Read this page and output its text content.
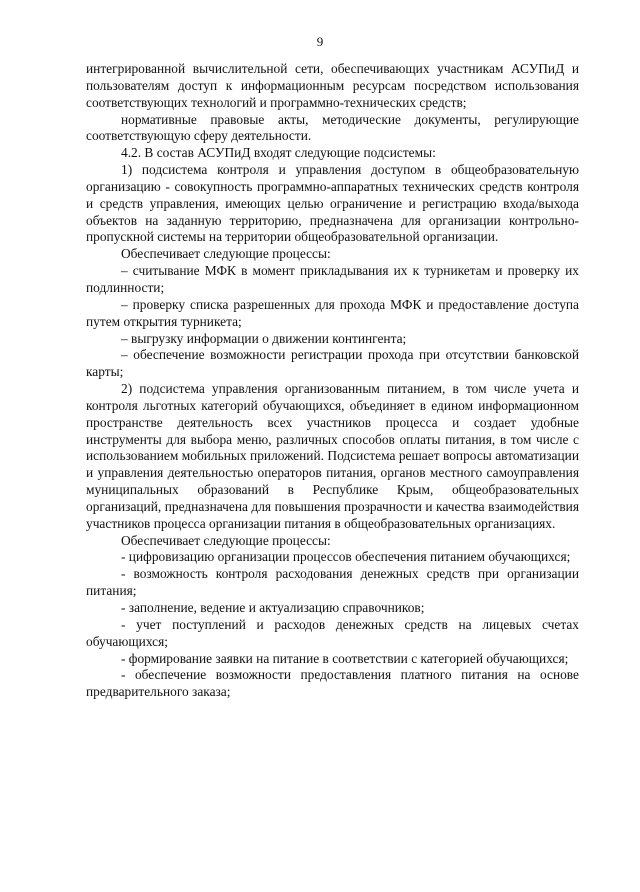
9

интегрированной вычислительной сети, обеспечивающих участникам АСУПиД и пользователям доступ к информационным ресурсам посредством использования соответствующих технологий и программно-технических средств;

нормативные правовые акты, методические документы, регулирующие соответствующую сферу деятельности.

4.2. В состав АСУПиД входят следующие подсистемы:

1) подсистема контроля и управления доступом в общеобразовательную организацию - совокупность программно-аппаратных технических средств контроля и средств управления, имеющих целью ограничение и регистрацию входа/выхода объектов на заданную территорию, предназначена для организации контрольно-пропускной системы на территории общеобразовательной организации.

Обеспечивает следующие процессы:

– считывание МФК в момент прикладывания их к турникетам и проверку их подлинности;

– проверку списка разрешенных для прохода МФК и предоставление доступа путем открытия турникета;

– выгрузку информации о движении контингента;

– обеспечение возможности регистрации прохода при отсутствии банковской карты;

2) подсистема управления организованным питанием, в том числе учета и контроля льготных категорий обучающихся, объединяет в едином информационном пространстве деятельность всех участников процесса и создает удобные инструменты для выбора меню, различных способов оплаты питания, в том числе с использованием мобильных приложений. Подсистема решает вопросы автоматизации и управления деятельностью операторов питания, органов местного самоуправления муниципальных образований в Республике Крым, общеобразовательных организаций, предназначена для повышения прозрачности и качества взаимодействия участников процесса организации питания в общеобразовательных организациях.

Обеспечивает следующие процессы:

- цифровизацию организации процессов обеспечения питанием обучающихся;

- возможность контроля расходования денежных средств при организации питания;

- заполнение, ведение и актуализацию справочников;

- учет поступлений и расходов денежных средств на лицевых счетах обучающихся;

- формирование заявки на питание в соответствии с категорией обучающихся;

- обеспечение возможности предоставления платного питания на основе предварительного заказа;
